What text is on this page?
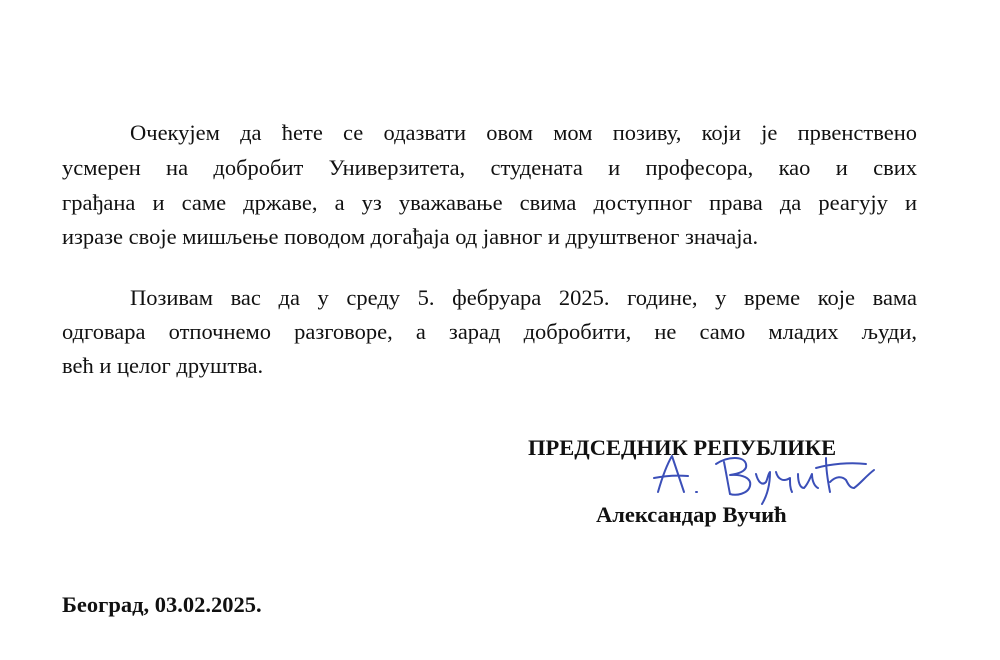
Очекујем да ћете се одазвати овом мом позиву, који је првенствено
усмерен на добробит Универзитета, студената и професора, као и свих
грађана и саме државе, а уз уважавање свима доступног права да реагују и
изразе своје мишљење поводом догађаја од јавног и друштвеног значаја.
Позивам вас да у среду 5. фебруара 2025. године, у време које вама
одговара отпочнемо разговоре, а зарад добробити, не само младих људи,
већ и целог друштва.
ПРЕДСЕДНИК РЕПУБЛИКЕ
Александар Вучић
Београд, 03.02.2025.
